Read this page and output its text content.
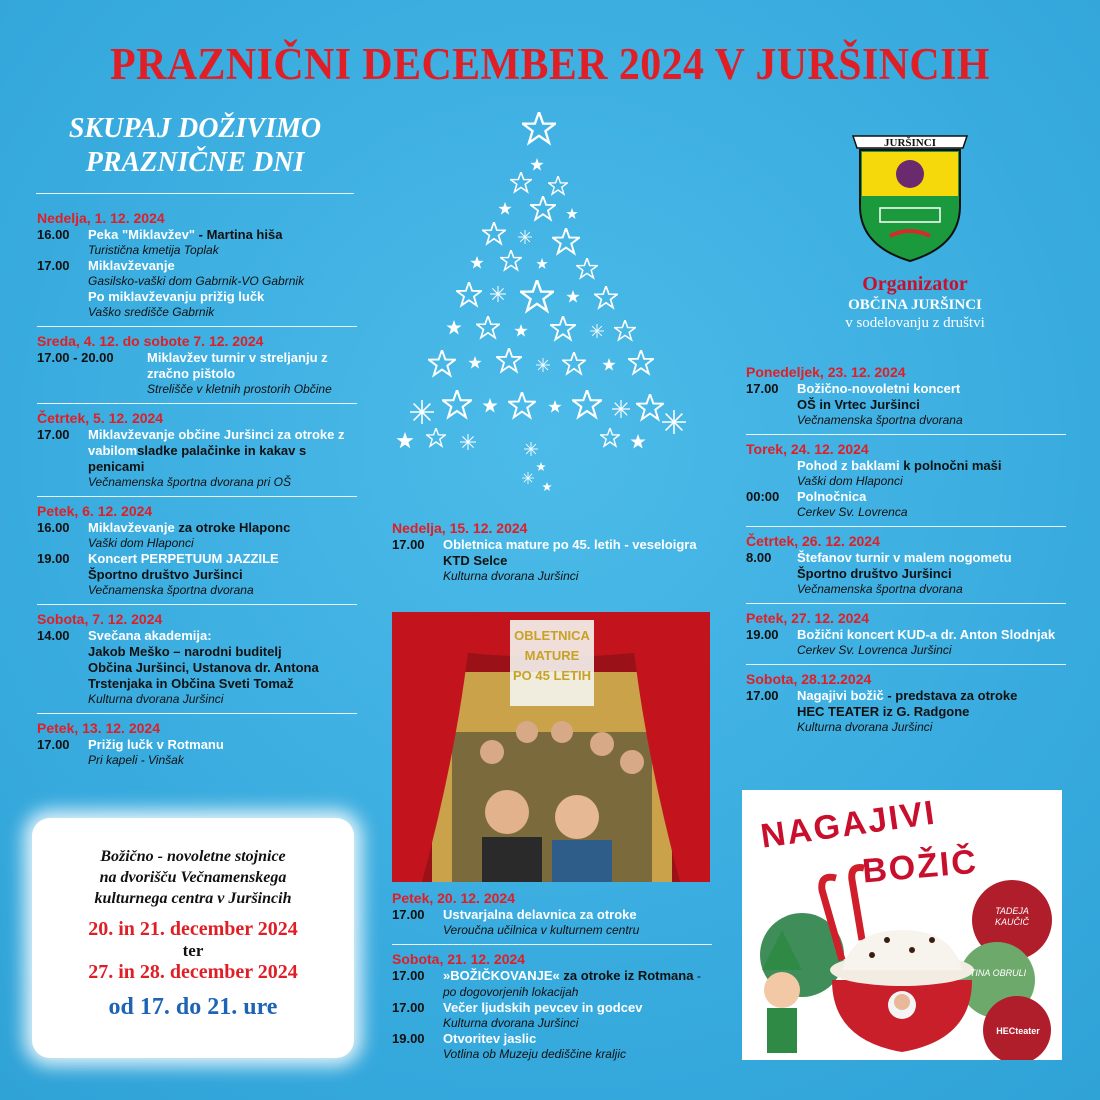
PRAZNIČNI DECEMBER 2024 V JURŠINCIH
SKUPAJ DOŽIVIMO
PRAZNIČNE DNI
JURŠINCI
Organizator
OBČINA JURŠINCI
v sodelovanju z društvi
Nedelja, 1. 12. 2024
16.00 Peka "Miklavžev" - Martina hiša
Turistična kmetija Toplak
17.00 Miklavževanje
Gasilsko-vaški dom Gabrnik-VO Gabrnik
Po miklavževanju prižig lučk
Vaško središče Gabrnik
Sreda, 4. 12. do sobote 7. 12. 2024
17.00 - 20.00	Miklavžev turnir v streljanju z zračno pištolo
Strelišče v kletnih prostorih Občine
Četrtek, 5. 12. 2024
17.00 Miklavževanje občine Juršinci za otroke z vabilomsladke palačinke in kakav s penicami
Večnamenska športna dvorana pri OŠ
Petek, 6. 12. 2024
16.00 Miklavževanje za otroke Hlaponc
Vaški dom Hlaponci
19.00 Koncert PERPETUUM JAZZILE
Športno društvo Juršinci
Večnamenska športna dvorana
Sobota, 7. 12. 2024
14.00 Svečana akademija:
Jakob Meško – narodni buditelj
Občina Juršinci, Ustanova dr. Antona Trstenjaka in Občina Sveti Tomaž
Kulturna dvorana Juršinci
Petek, 13. 12. 2024
17.00 Prižig lučk v Rotmanu
Pri kapeli - Vinšak
Nedelja, 15. 12. 2024
17.00 Obletnica mature po 45. letih - veseloigra
KTD Selce
Kulturna dvorana Juršinci
Petek, 20. 12. 2024
17.00 Ustvarjalna delavnica za otroke
Veroučna učilnica v kulturnem centru
Sobota, 21. 12. 2024
17.00 »BOŽIČKOVANJE« za otroke iz Rotmana - po dogovorjenih lokacijah
17.00 Večer ljudskih pevcev in godcev
Kulturna dvorana Juršinci
19.00 Otvoritev jaslic
Votlina ob Muzeju dediščine kraljic
Ponedeljek, 23. 12. 2024
17.00 Božično-novoletni koncert
OŠ in Vrtec Juršinci
Večnamenska športna dvorana
Torek, 24. 12. 2024
Pohod z baklami k polnočni maši
Vaški dom Hlaponci
00:00 Polnočnica
Cerkev Sv. Lovrenca
Četrtek, 26. 12. 2024
8.00 Štefanov turnir v malem nogometu
Športno društvo Juršinci
Večnamenska športna dvorana
Petek, 27. 12. 2024
19.00 Božični koncert KUD-a dr. Anton Slodnjak
Cerkev Sv. Lovrenca Juršinci
Sobota, 28.12.2024
17.00 Nagajivi božič - predstava za otroke
HEC TEATER iz G. Radgone
Kulturna dvorana Juršinci
OBLETNICA
MATURE
PO 45 LETIH
NAGAJIVI
BOŽIČ
TADEJA KAUČIČ
TINA OBRULI
HECteater
Božično - novoletne stojnice
na dvorišču Večnamenskega
kulturnega centra v Juršincih
20. in 21. december 2024
ter
27. in 28. december 2024
od 17. do 21. ure
